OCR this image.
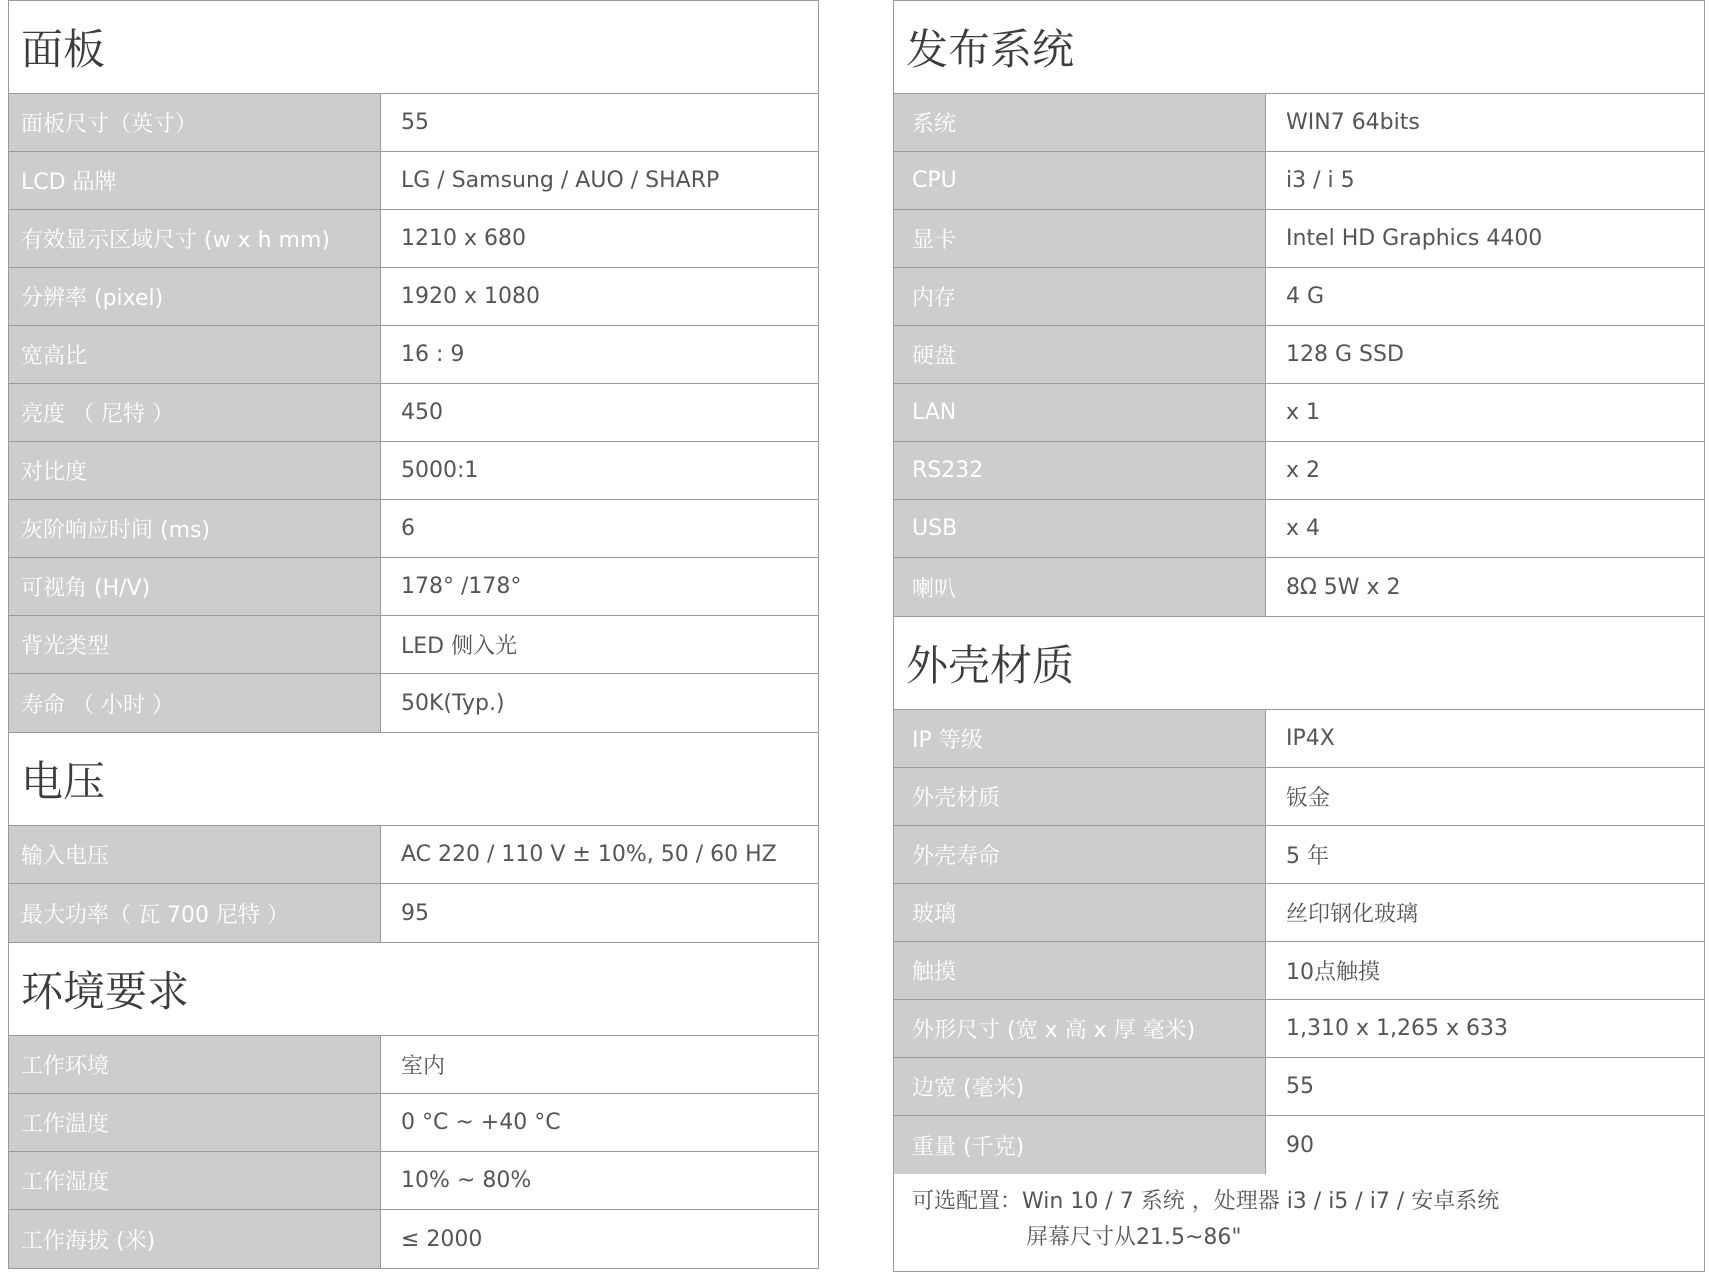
面板
面板尺寸（英寸）	55
LCD 品牌	LG / Samsung / AUO / SHARP
有效显示区域尺寸 (w x h mm)	1210 x 680
分辨率 (pixel)	1920 x 1080
宽高比	16 : 9
亮度 （ 尼特 ）	450
对比度	5000:1
灰阶响应时间 (ms)	6
可视角 (H/V)	178° /178°
背光类型	LED 侧入光
寿命 （ 小时 ）	50K(Typ.)
电压
输入电压	AC 220 / 110 V ± 10%, 50 / 60 HZ
最大功率（ 瓦 700 尼特 ）	95
环境要求
工作环境	室内
工作温度	0 °C ~ +40 °C
工作湿度	10% ~ 80%
工作海拔 (米)	≤ 2000
发布系统
系统	WIN7 64bits
CPU	i3 / i 5
显卡	Intel HD Graphics 4400
内存	4 G
硬盘	128 G SSD
LAN	x 1
RS232	x 2
USB	x 4
喇叭	8Ω 5W x 2
外壳材质
IP 等级	IP4X
外壳材质	钣金
外壳寿命	5 年
玻璃	丝印钢化玻璃
触摸	10点触摸
外形尺寸 (宽 x 高 x 厚 毫米)	1,310 x 1,265 x 633
边宽 (毫米)	55
重量 (千克)	90
可选配置：Win 10 / 7 系统 ，处理器 i3 / i5 / i7 / 安卓系统
屏幕尺寸从21.5~86"
